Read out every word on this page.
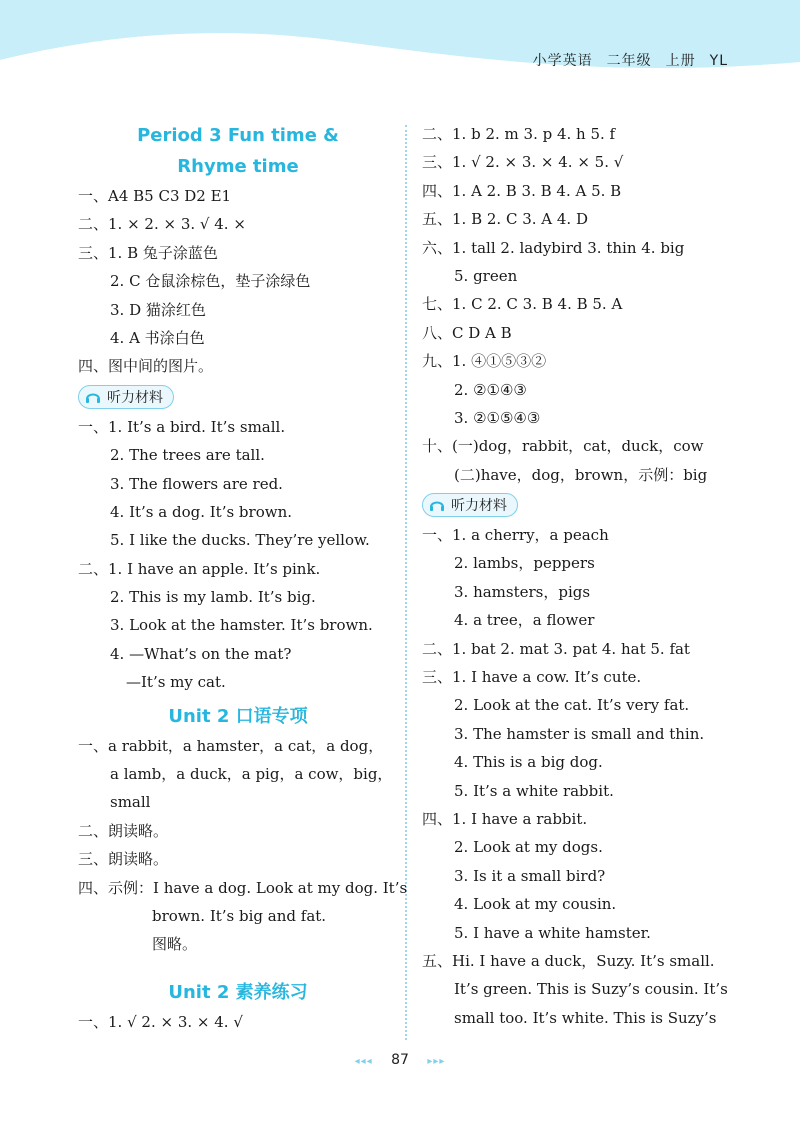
小学英语 二年级 上册 YL
Period 3 Fun time &
Rhyme time
一、A4 B5 C3 D2 E1
二、1. × 2. × 3. √ 4. ×
三、1. B 兔子涂蓝色
2. C 仓鼠涂棕色，垫子涂绿色
3. D 猫涂红色
4. A 书涂白色
四、图中间的图片。
听力材料
一、1. It’s a bird. It’s small.
2. The trees are tall.
3. The flowers are red.
4. It’s a dog. It’s brown.
5. I like the ducks. They’re yellow.
二、1. I have an apple. It’s pink.
2. This is my lamb. It’s big.
3. Look at the hamster. It’s brown.
4. —What’s on the mat?
—It’s my cat.
Unit 2 口语专项
一、a rabbit，a hamster，a cat，a dog，
a lamb，a duck，a pig，a cow，big，
small
二、朗读略。
三、朗读略。
四、示例：I have a dog. Look at my dog. It’s
brown. It’s big and fat.
图略。
Unit 2 素养练习
一、1. √ 2. × 3. × 4. √
二、1. b 2. m 3. p 4. h 5. f
三、1. √ 2. × 3. × 4. × 5. √
四、1. A 2. B 3. B 4. A 5. B
五、1. B 2. C 3. A 4. D
六、1. tall 2. ladybird 3. thin 4. big
5. green
七、1. C 2. C 3. B 4. B 5. A
八、C D A B
九、1. ④①⑤③②
2. ②①④③
3. ②①⑤④③
十、(一)dog，rabbit，cat，duck，cow
(二)have，dog，brown，示例：big
听力材料
一、1. a cherry，a peach
2. lambs，peppers
3. hamsters，pigs
4. a tree，a flower
二、1. bat 2. mat 3. pat 4. hat 5. fat
三、1. I have a cow. It’s cute.
2. Look at the cat. It’s very fat.
3. The hamster is small and thin.
4. This is a big dog.
5. It’s a white rabbit.
四、1. I have a rabbit.
2. Look at my dogs.
3. Is it a small bird?
4. Look at my cousin.
5. I have a white hamster.
五、Hi. I have a duck，Suzy. It’s small.
It’s green. This is Suzy’s cousin. It’s
small too. It’s white. This is Suzy’s
◂◂◂ 87 ▸▸▸
